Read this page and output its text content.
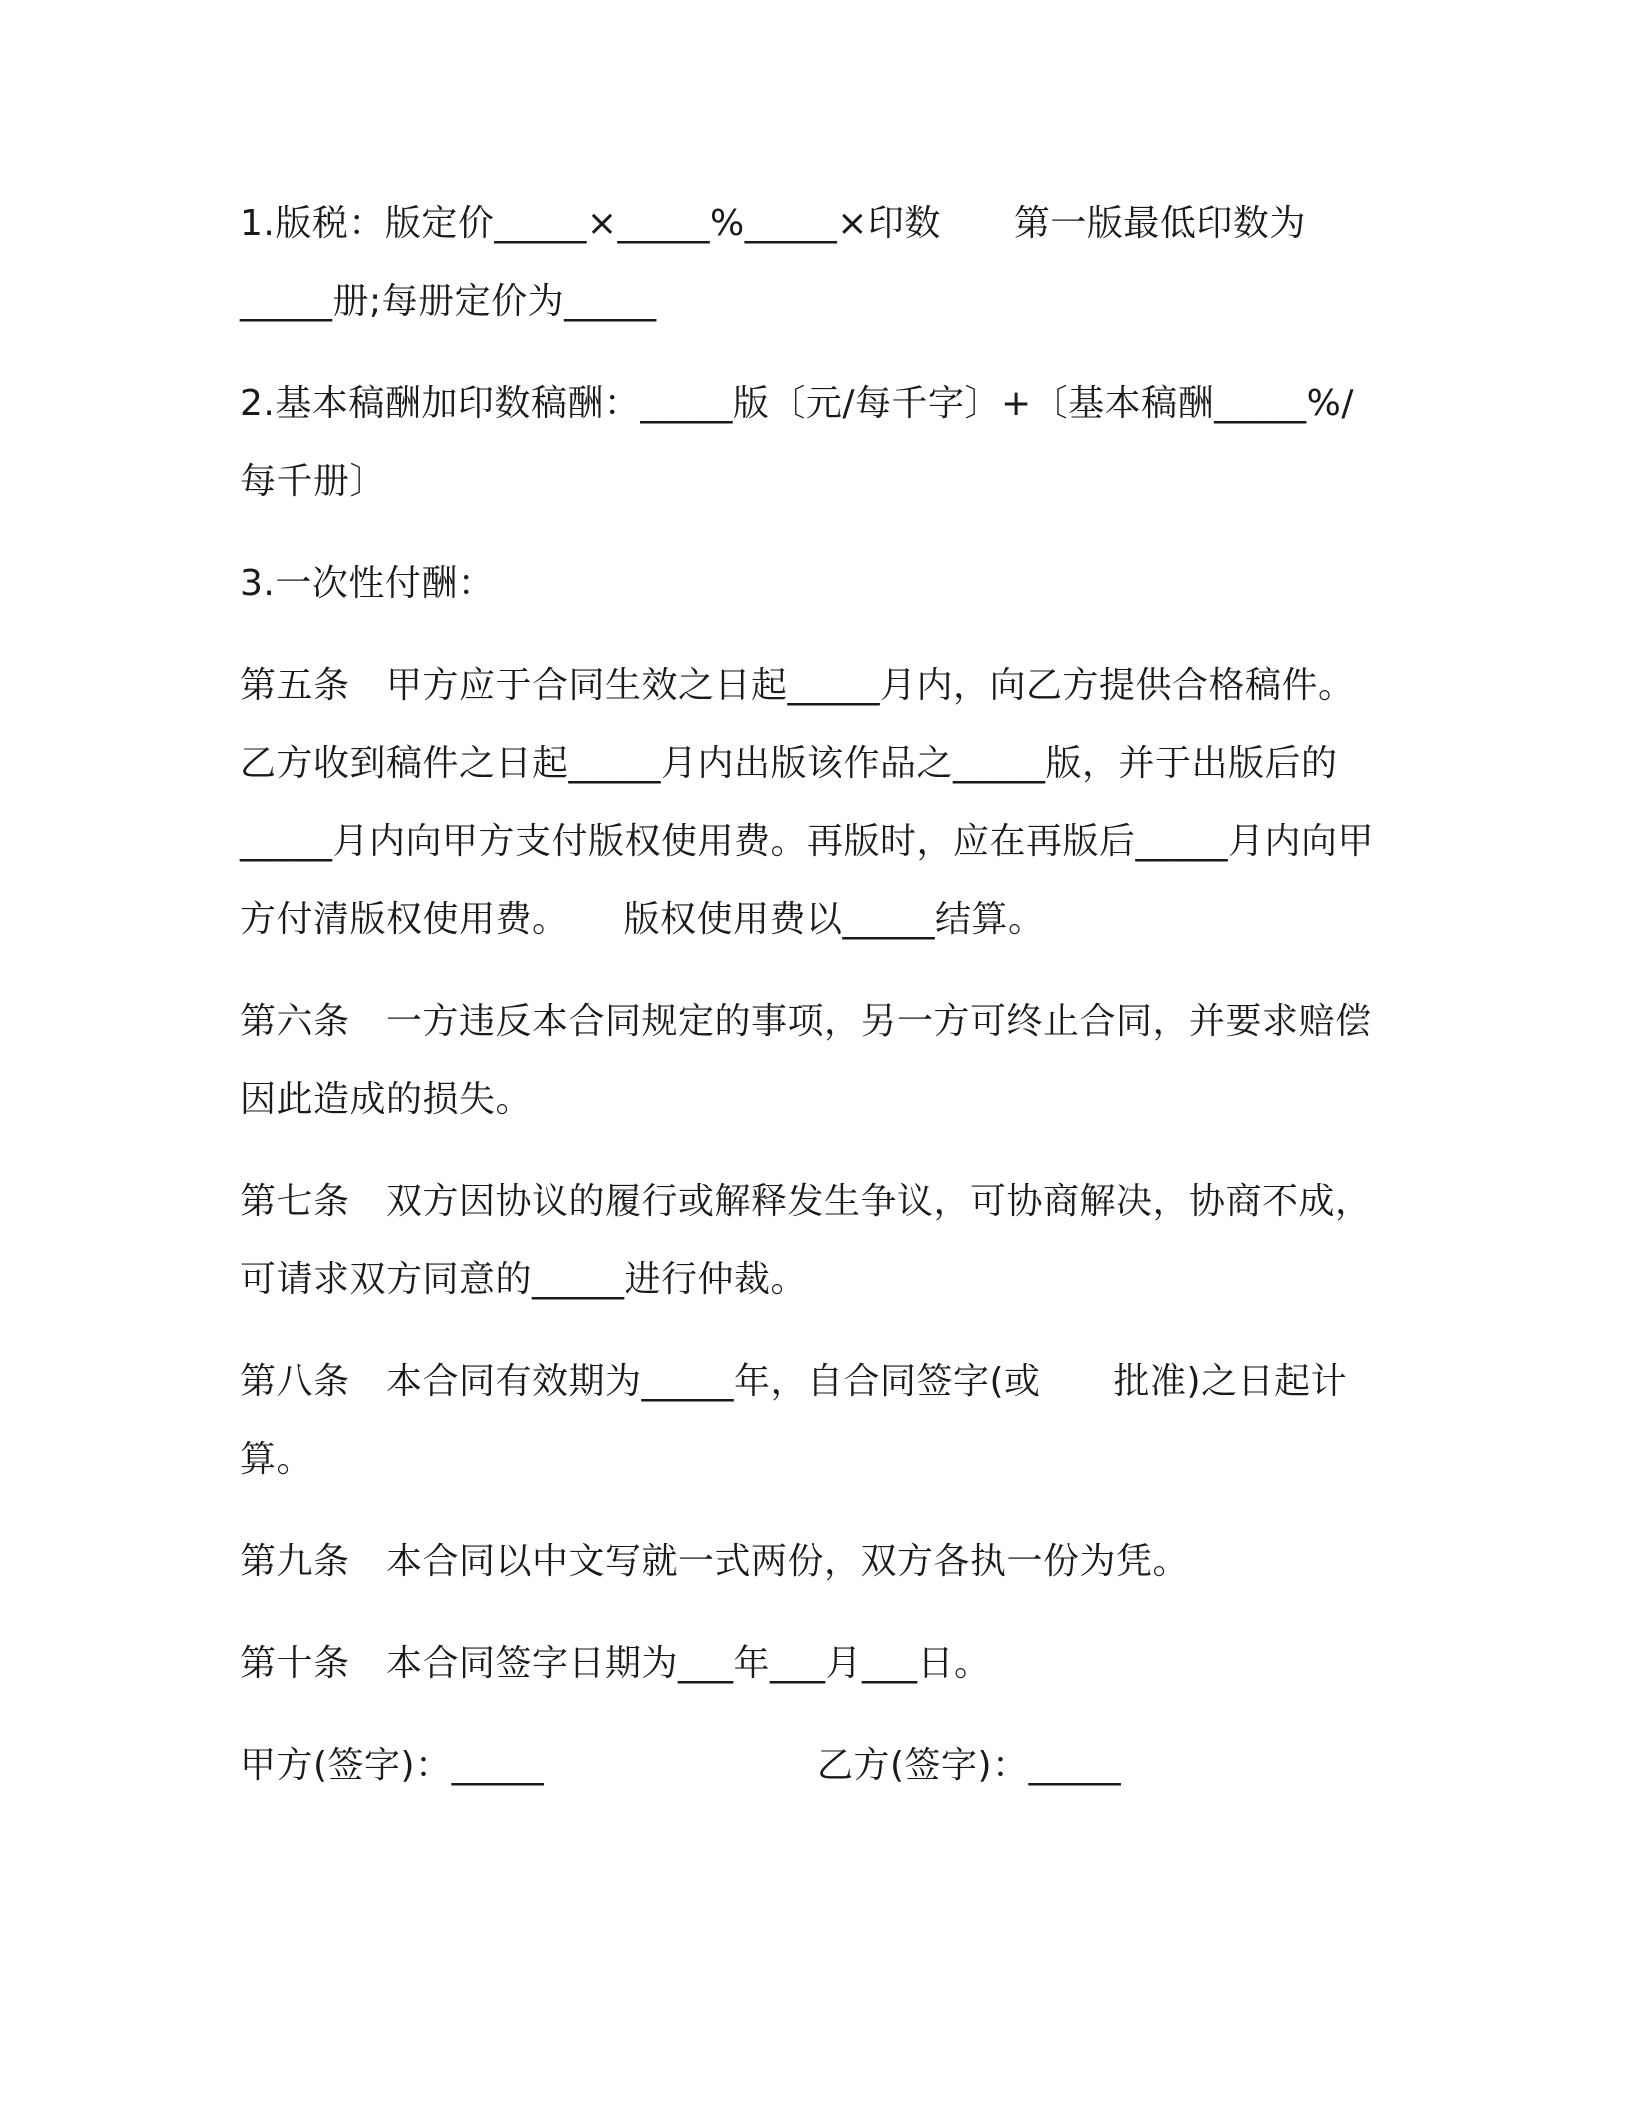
1.版税：版定价_____×_____%_____×印数　　第一版最低印数为_____册;每册定价为_____

2.基本稿酬加印数稿酬：_____版〔元/每千字〕+〔基本稿酬_____%/每千册〕

3.一次性付酬：

第五条　甲方应于合同生效之日起_____月内，向乙方提供合格稿件。乙方收到稿件之日起_____月内出版该作品之_____版，并于出版后的_____月内向甲方支付版权使用费。再版时，应在再版后_____月内向甲方付清版权使用费。　　版权使用费以_____结算。

第六条　一方违反本合同规定的事项，另一方可终止合同，并要求赔偿因此造成的损失。

第七条　双方因协议的履行或解释发生争议，可协商解决，协商不成，可请求双方同意的_____进行仲裁。

第八条　本合同有效期为_____年，自合同签字(或　　批准)之日起计算。

第九条　本合同以中文写就一式两份，双方各执一份为凭。

第十条　本合同签字日期为___年___月___日。

甲方(签字)：_____	乙方(签字)：_____
